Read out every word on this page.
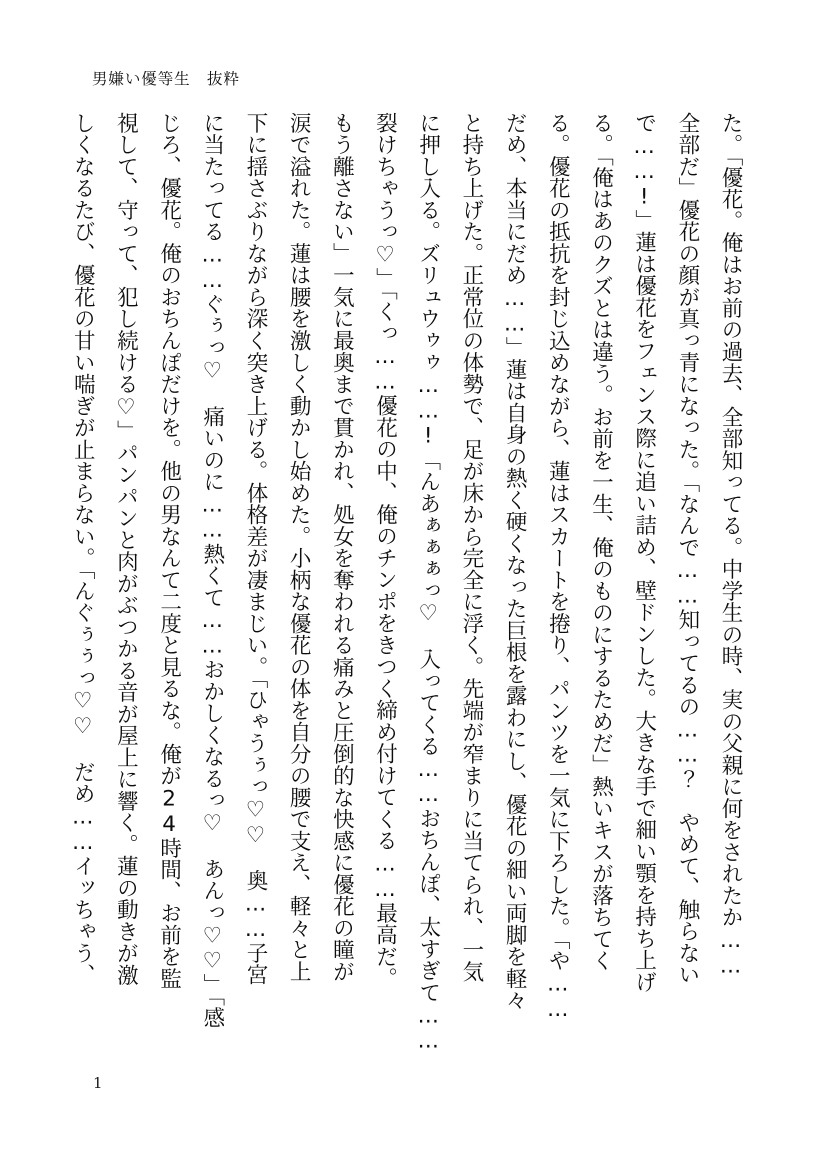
男嫌い優等生　抜粋
た。「優花。俺はお前の過去、全部知ってる。中学生の時、実の父親に何をされたか……
全部だ」優花の顔が真っ青になった。「なんで……知ってるの……？　やめて、触らない
で……!」蓮は優花をフェンス際に追い詰め、壁ドンした。大きな手で細い顎を持ち上げ
る。「俺はあのクズとは違う。お前を一生、俺のものにするためだ」熱いキスが落ちてく
る。優花の抵抗を封じ込めながら、蓮はスカートを捲り、パンツを一気に下ろした。「や……
だめ、本当にだめ……」蓮は自身の熱く硬くなった巨根を露わにし、優花の細い両脚を軽々
と持ち上げた。正常位の体勢で、足が床から完全に浮く。先端が窄まりに当てられ、一気
に押し入る。ズリュウゥゥ……!「んあぁぁぁっ♡　入ってくる……おちんぽ、太すぎて……
裂けちゃうっ♡」「くっ……優花の中、俺のチンポをきつく締め付けてくる……最高だ。
もう離さない」一気に最奥まで貫かれ、処女を奪われる痛みと圧倒的な快感に優花の瞳が
涙で溢れた。蓮は腰を激しく動かし始めた。小柄な優花の体を自分の腰で支え、軽々と上
下に揺さぶりながら深く突き上げる。体格差が凄まじい。「ひゃうぅっ♡♡　奥……子宮
に当たってる……ぐぅっ♡　痛いのに……熱くて……おかしくなるっ♡　あんっ♡♡」「感
じろ、優花。俺のおちんぽだけを。他の男なんて二度と見るな。俺が24時間、お前を監
視して、守って、犯し続ける♡」パンパンと肉がぶつかる音が屋上に響く。蓮の動きが激
しくなるたび、優花の甘い喘ぎが止まらない。「んぐぅぅっ♡♡　だめ……イッちゃう、
1
